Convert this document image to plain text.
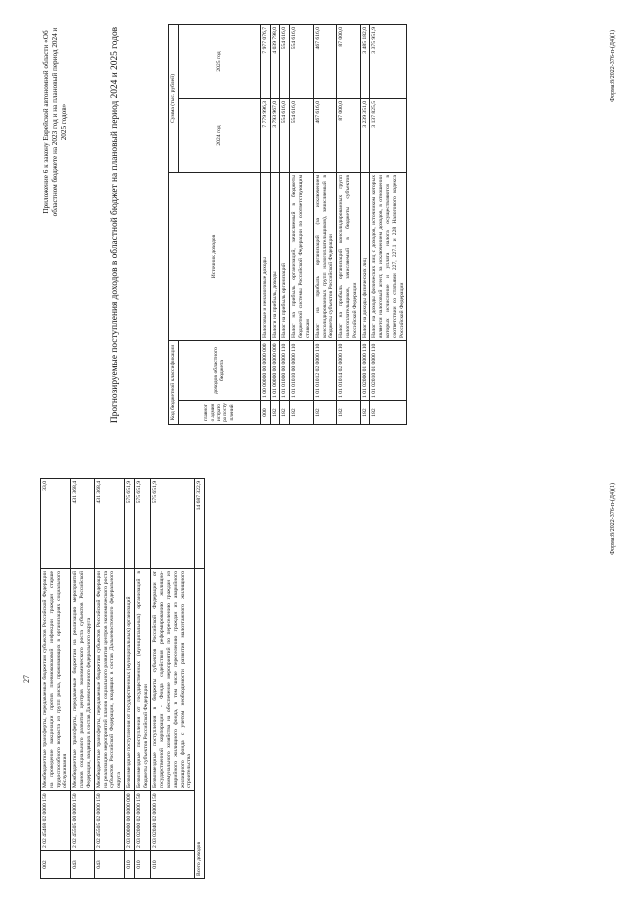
27
002	2 02 45468 02 0000 150	Межбюджетные трансферты, передаваемые бюджетам субъектов Российской Федерации на проведение вакцинации против пневмококковой инфекции граждан старше трудоспособного возраста из групп риска, проживающих в организациях социального обслуживания	33,0
043	2 02 45505 00 0000 150	Межбюджетные трансферты, передаваемые бюджетам на реализацию мероприятий планов социального развития центров экономического роста субъектов Российской Федерации, входящих в состав Дальневосточного федерального округа	431 368,4
043	2 02 45505 02 0000 150	Межбюджетные трансферты, передаваемые бюджетам субъектов Российской Федерации на реализацию мероприятий планов социального развития центров экономического роста субъектов Российской Федерации, входящих в состав Дальневосточного федерального округа	431 368,4
010	2 03 00000 00 0000 000	Безвозмездные поступления от государственных (муниципальных) организаций	575 651,9
010	2 03 02000 02 0000 150	Безвозмездные поступления от государственных (муниципальных) организаций в бюджеты субъектов Российской Федерации	575 651,9
010	2 03 02040 02 0000 150	Безвозмездные поступления в бюджеты субъектов Российской Федерации от государственной корпорации - Фонда содействия реформированию жилищно-коммунального хозяйства на обеспечение мероприятий по переселению граждан из аварийного жилищного фонда, в том числе переселению граждан из аварийного жилищного фонда с учетом необходимости развития малоэтажного жилищного строительства	575 651,9
Всего доходов			14 687 322,9	Форма:8/2022-376-п-(Д4)(1)
Приложение 6 к закону Еврейской автономной области «Об областном бюджете на 2023 год и на плановый период 2024 и 2025 годов»	Прогнозируемые поступления доходов в областной бюджет на плановый период 2024 и 2025 годов	Код бюджетной классификации		Источник доходов	Сумма (тыс. рублей)	
главного администратора поступлений	доходов областного бюджета		2024 год	2025 год
000	1 00 00000 00 0000 000	Налоговые и неналоговые доходы	7 779 996,3	7 977 076,7
182	1 01 00000 00 0000 000	Налоги на прибыль, доходы	3 793 967,0	4 039 798,0
182	1 01 01000 00 0000 110	Налог на прибыль организаций	554 616,0	554 616,0
182	1 01 01010 00 0000 110	Налог на прибыль организаций, зачисляемый в бюджеты бюджетной системы Российской Федерации по соответствующим ставкам	554 616,0	554 616,0
182	1 01 01012 02 0000 110	Налог на прибыль организаций (за исключением консолидированных групп налогоплательщиков), зачисляемый в бюджеты субъектов Российской Федерации	467 616,0	467 616,0
182	1 01 01014 02 0000 110	Налог на прибыль организаций консолидированных групп налогоплательщиков, зачисляемый в бюджеты субъектов Российской Федерации	87 000,0	87 000,0
182	1 01 02000 01 0000 110	Налог на доходы физических лиц	3 239 351,0	3 485 182,0
182	1 01 02010 01 0000 110	Налог на доходы физических лиц с доходов, источником которых является налоговый агент, за исключением доходов, в отношении которых исчисление и уплата налога осуществляются в соответствии со статьями 227, 227.1 и 228 Налогового кодекса Российской Федерации	3 137 825,5	3 375 951,9	Форма:8/2022-376-п-(Д4)(1)
